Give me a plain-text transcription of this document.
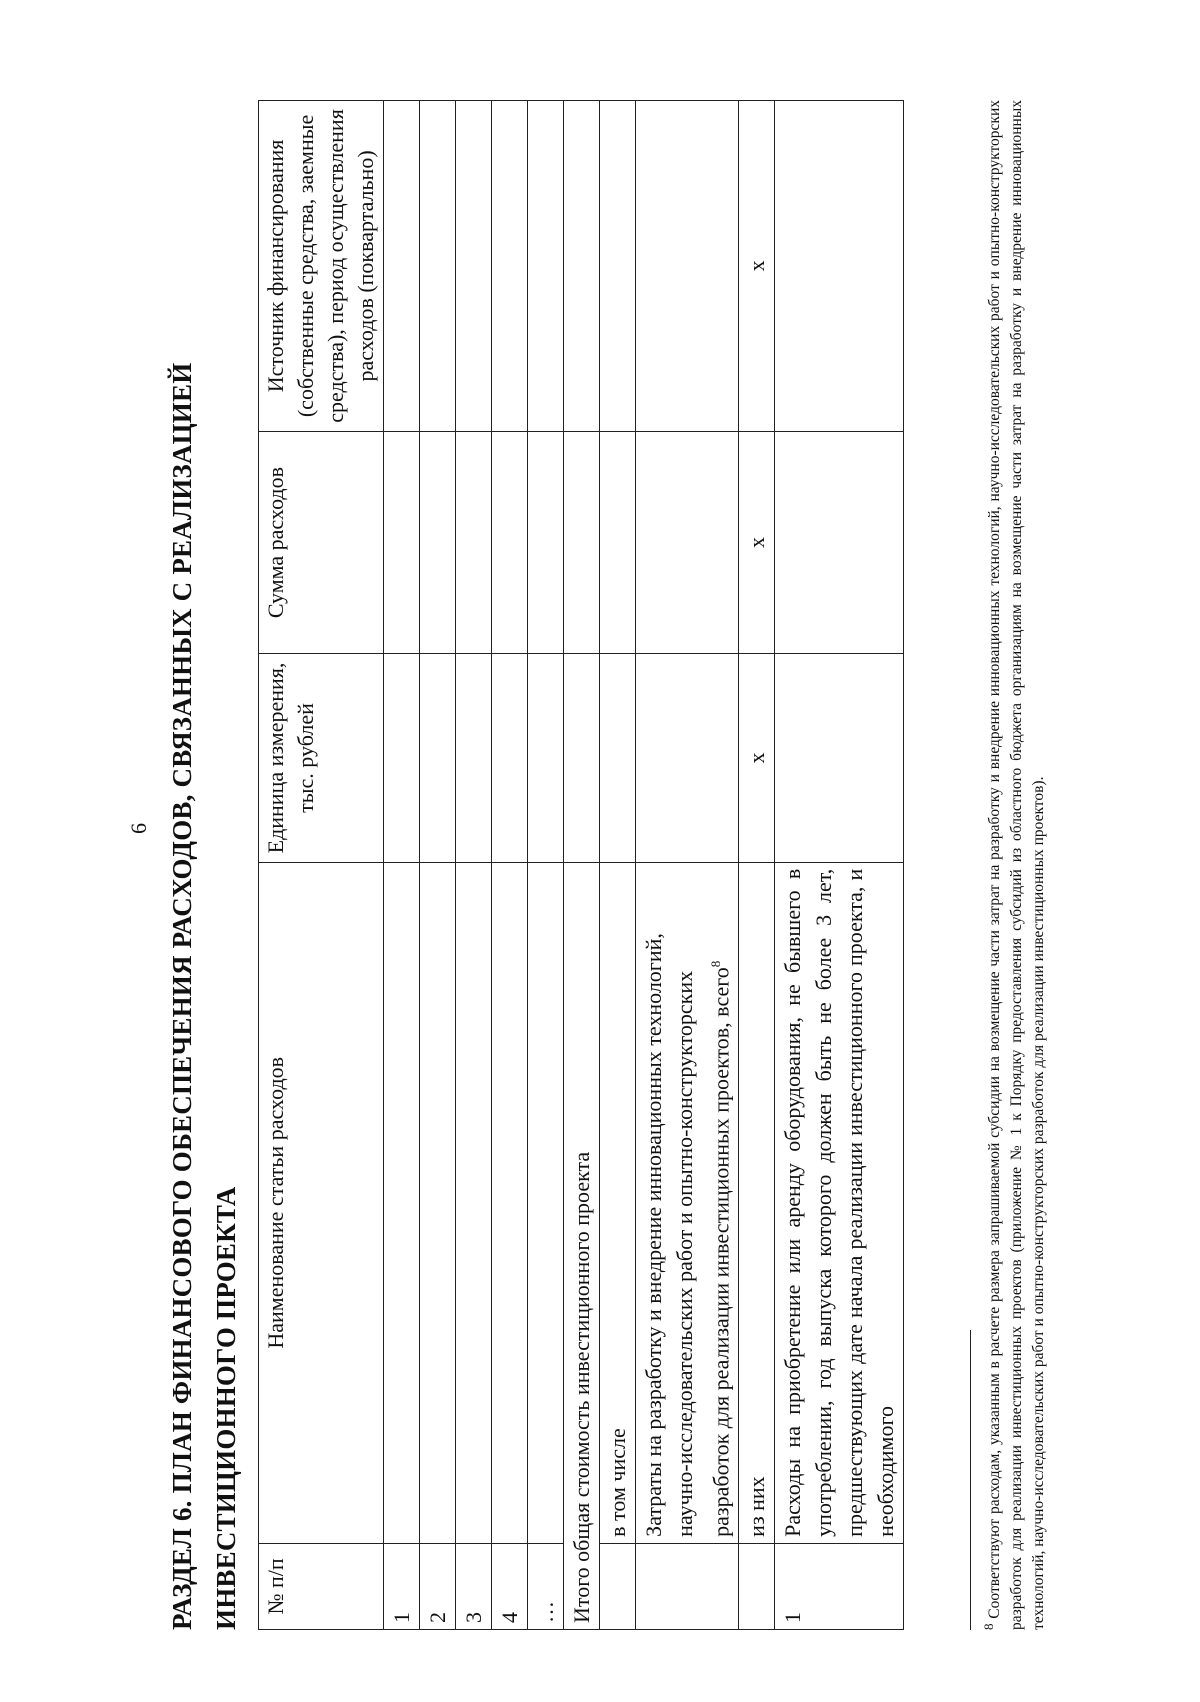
6 РАЗДЕЛ 6. ПЛАН ФИНАНСОВОГО ОБЕСПЕЧЕНИЯ РАСХОДОВ, СВЯЗАННЫХ С РЕАЛИЗАЦИЕЙ ИНВЕСТИЦИОННОГО ПРОЕКТА	№ п/п	Наименование статьи расходов	Единица измерения, тыс. рублей	Сумма расходов	Источник финансирования (собственные средства, заемные средства), период осуществления расходов (поквартально)
1				
2				
3				
4				
…				
Итого общая стоимость инвестиционного проекта				
	в том числе			
	Затраты на разработку и внедрение инновационных технологий, научно-исследовательских работ и опытно-конструкторских разработок для реализации инвестиционных проектов, всего$^8$			
	из них	х	х	х
1	Расходы на приобретение или аренду оборудования, не бывшего в употреблении, год выпуска которого должен быть не более 3 лет, предшествующих дате начала реализации инвестиционного проекта, и необходимого			
$^8$ Соответствуют расходам, указанным в расчете размера запрашиваемой субсидии на возмещение части затрат на разработку и внедрение инновационных технологий, научно-исследовательских работ и опытно-конструкторских разработок для реализации инвестиционных проектов (приложение № 1 к Порядку предоставления субсидий из областного бюджета организациям на возмещение части затрат на разработку и внедрение инновационных технологий, научно-исследовательских работ и опытно-конструкторских разработок для реализации инвестиционных проектов).
